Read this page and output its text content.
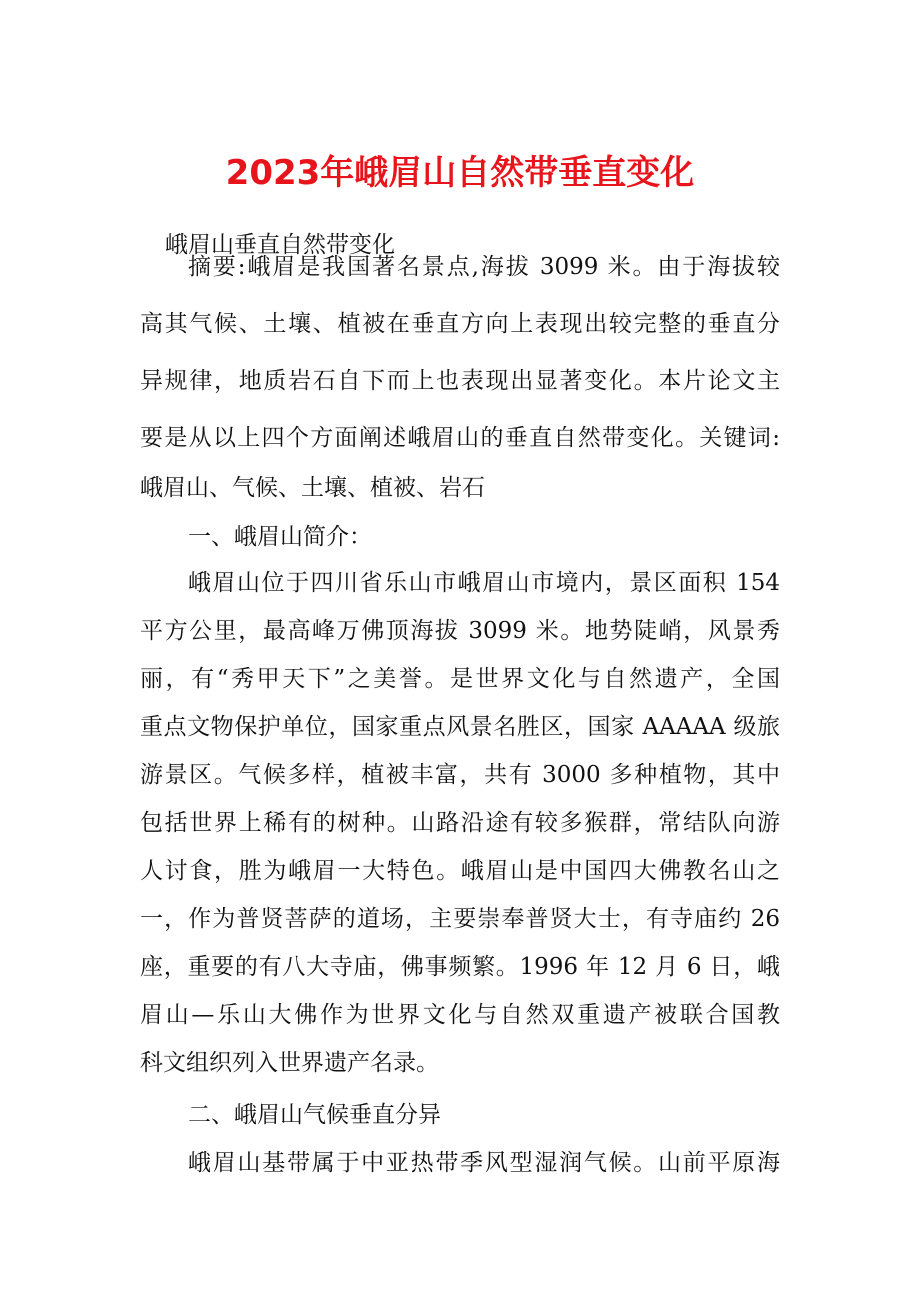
2023年峨眉山自然带垂直变化
峨眉山垂直自然带变化
摘要:峨眉是我国著名景点,海拔 3099 米。由于海拔较
高其气候、土壤、植被在垂直方向上表现出较完整的垂直分
异规律，地质岩石自下而上也表现出显著变化。本片论文主
要是从以上四个方面阐述峨眉山的垂直自然带变化。关键词:
峨眉山、气候、土壤、植被、岩石
一、峨眉山简介：
峨眉山位于四川省乐山市峨眉山市境内，景区面积 154
平方公里，最高峰万佛顶海拔 3099 米。地势陡峭，风景秀
丽，有“秀甲天下”之美誉。是世界文化与自然遗产，全国
重点文物保护单位，国家重点风景名胜区，国家 AAAAA 级旅
游景区。气候多样，植被丰富，共有 3000 多种植物，其中
包括世界上稀有的树种。山路沿途有较多猴群，常结队向游
人讨食，胜为峨眉一大特色。峨眉山是中国四大佛教名山之
一，作为普贤菩萨的道场，主要崇奉普贤大士，有寺庙约 26
座，重要的有八大寺庙，佛事频繁。1996 年 12 月 6 日，峨
眉山—乐山大佛作为世界文化与自然双重遗产被联合国教
科文组织列入世界遗产名录。
二、峨眉山气候垂直分异
峨眉山基带属于中亚热带季风型湿润气候。山前平原海
